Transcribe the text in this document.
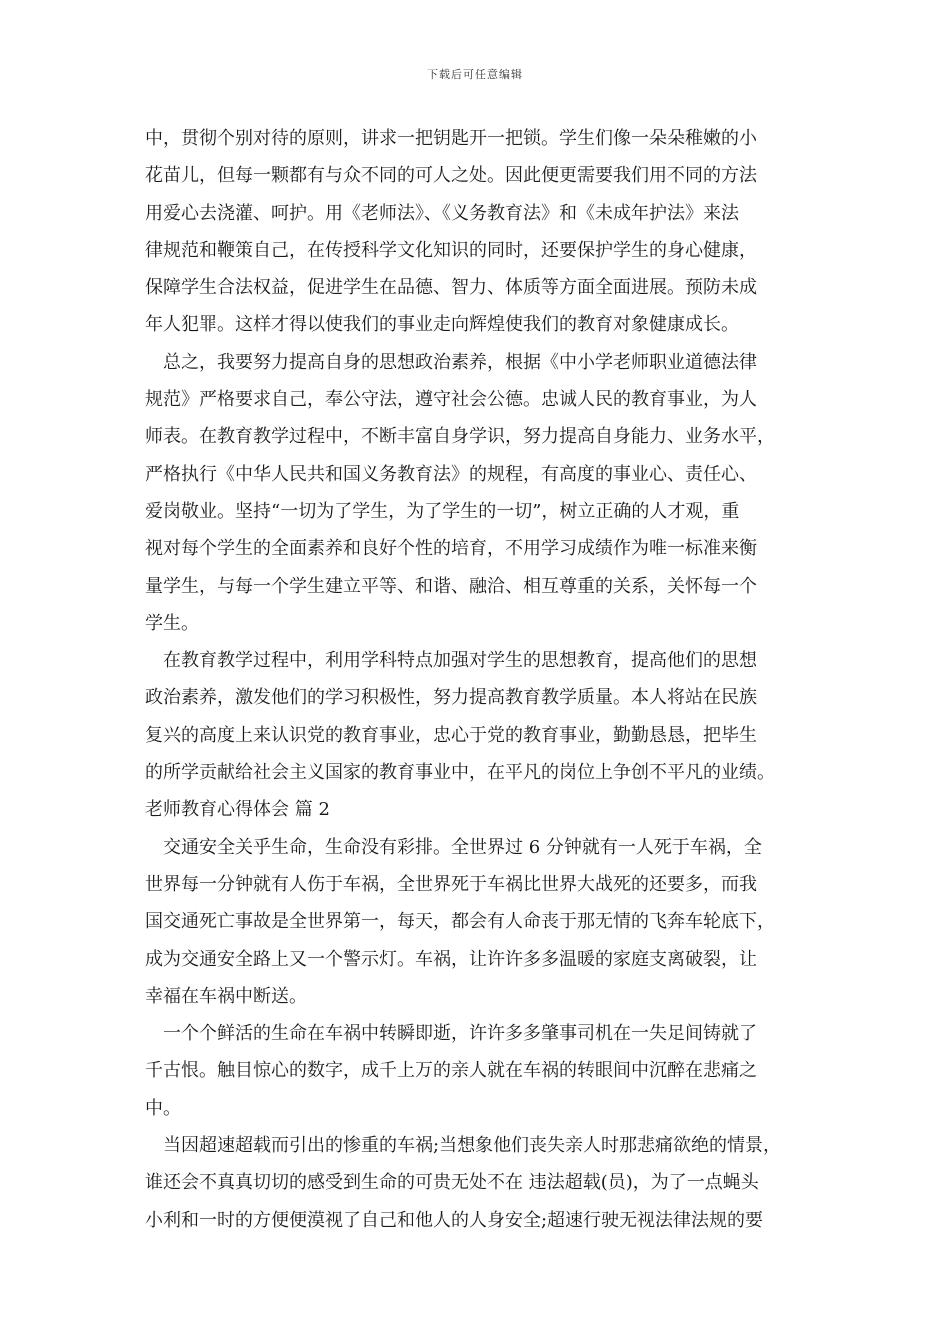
下载后可任意编辑
中，贯彻个别对待的原则，讲求一把钥匙开一把锁。学生们像一朵朵稚嫩的小
花苗儿，但每一颗都有与众不同的可人之处。因此便更需要我们用不同的方法
用爱心去浇灌、呵护。用《老师法》、《义务教育法》和《未成年护法》来法
律规范和鞭策自己，在传授科学文化知识的同时，还要保护学生的身心健康，
保障学生合法权益，促进学生在品德、智力、体质等方面全面进展。预防未成
年人犯罪。这样才得以使我们的事业走向辉煌使我们的教育对象健康成长。
总之，我要努力提高自身的思想政治素养，根据《中小学老师职业道德法律
规范》严格要求自己，奉公守法，遵守社会公德。忠诚人民的教育事业，为人
师表。在教育教学过程中，不断丰富自身学识，努力提高自身能力、业务水平，
严格执行《中华人民共和国义务教育法》的规程，有高度的事业心、责任心、
爱岗敬业。坚持“一切为了学生，为了学生的一切”，树立正确的人才观，重
视对每个学生的全面素养和良好个性的培育，不用学习成绩作为唯一标准来衡
量学生，与每一个学生建立平等、和谐、融洽、相互尊重的关系，关怀每一个
学生。
在教育教学过程中，利用学科特点加强对学生的思想教育，提高他们的思想
政治素养，激发他们的学习积极性，努力提高教育教学质量。本人将站在民族
复兴的高度上来认识党的教育事业，忠心于党的教育事业，勤勤恳恳，把毕生
的所学贡献给社会主义国家的教育事业中，在平凡的岗位上争创不平凡的业绩。
老师教育心得体会 篇 2
交通安全关乎生命，生命没有彩排。全世界过 6 分钟就有一人死于车祸，全
世界每一分钟就有人伤于车祸，全世界死于车祸比世界大战死的还要多，而我
国交通死亡事故是全世界第一，每天，都会有人命丧于那无情的飞奔车轮底下，
成为交通安全路上又一个警示灯。车祸，让许许多多温暖的家庭支离破裂，让
幸福在车祸中断送。
一个个鲜活的生命在车祸中转瞬即逝，许许多多肇事司机在一失足间铸就了
千古恨。触目惊心的数字，成千上万的亲人就在车祸的转眼间中沉醉在悲痛之
中。
当因超速超载而引出的惨重的车祸;当想象他们丧失亲人时那悲痛欲绝的情景，
谁还会不真真切切的感受到生命的可贵无处不在 违法超载(员)，为了一点蝇头
小利和一时的方便便漠视了自己和他人的人身安全;超速行驶无视法律法规的要
